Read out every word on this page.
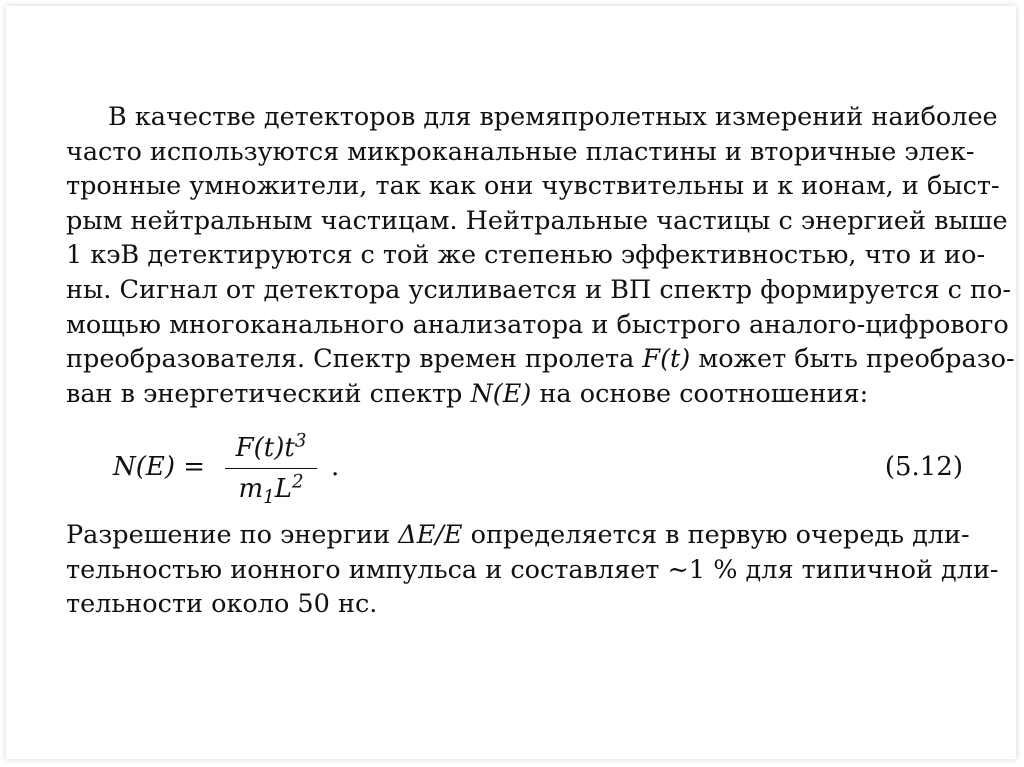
В качестве детекторов для времяпролетных измерений наиболее
часто используются микроканальные пластины и вторичные элек-
тронные умножители, так как они чувствительны и к ионам, и быст-
рым нейтральным частицам. Нейтральные частицы с энергией выше
1 кэВ детектируются с той же степенью эффективностью, что и ио-
ны. Сигнал от детектора усиливается и ВП спектр формируется с по-
мощью многоканального анализатора и быстрого аналого-цифрового
преобразователя. Спектр времен пролета F(t) может быть преобразо-
ван в энергетический спектр N(E) на основе соотношения:
N(E) =
$F(t)t^3$
$m_1L^2$	.	(5.12)
Разрешение по энергии ΔE/E определяется в первую очередь дли-
тельностью ионного импульса и составляет ∼1 % для типичной дли-
тельности около 50 нс.
